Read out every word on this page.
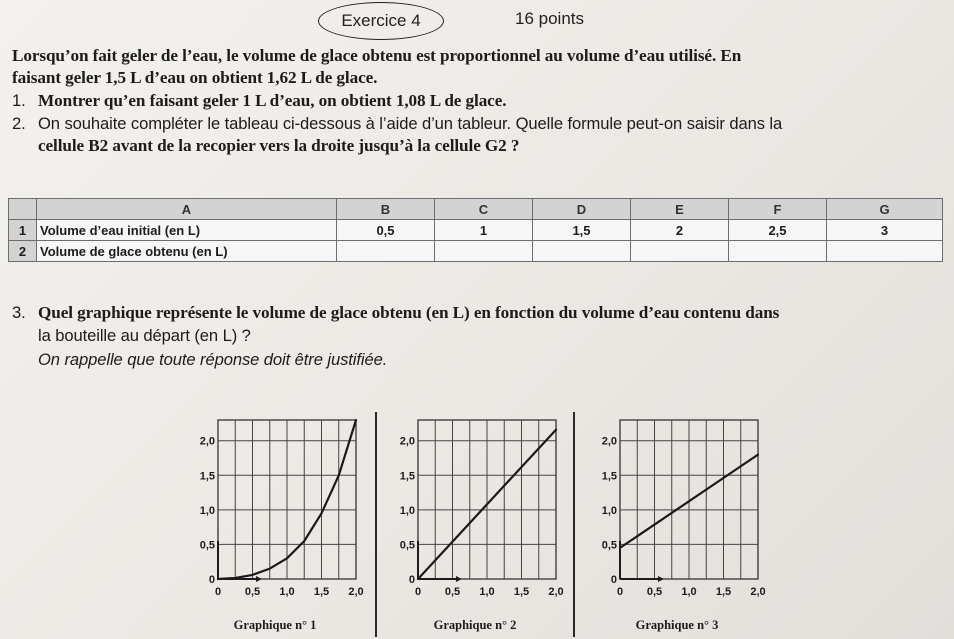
Exercice 4	16 points
Lorsqu’on fait geler de l’eau, le volume de glace obtenu est proportionnel au volume d’eau utilisé. En
faisant geler 1,5 L d’eau on obtient 1,62 L de glace.
1. Montrer qu’en faisant geler 1 L d’eau, on obtient 1,08 L de glace.
2. On souhaite compléter le tableau ci-dessous à l’aide d’un tableur. Quelle formule peut-on saisir dans la
cellule B2 avant de la recopier vers la droite jusqu’à la cellule G2 ?
	A	B	C	D	E	F	G
1	Volume d’eau initial (en L)	0,5	1	1,5	2	2,5	3
2	Volume de glace obtenu (en L)						
3. Quel graphique représente le volume de glace obtenu (en L) en fonction du volume d’eau contenu dans
la bouteille au départ (en L) ?
On rappelle que toute réponse doit être justifiée.
0
0,5
1,0
1,5
2,0
0 0,5 1,0 1,5 2,0
Graphique n° 1
0
0,5
1,0
1,5
2,0
0 0,5 1,0 1,5 2,0
Graphique n° 2
0
0,5
1,0
1,5
2,0
0 0,5 1,0 1,5 2,0
Graphique n° 3
